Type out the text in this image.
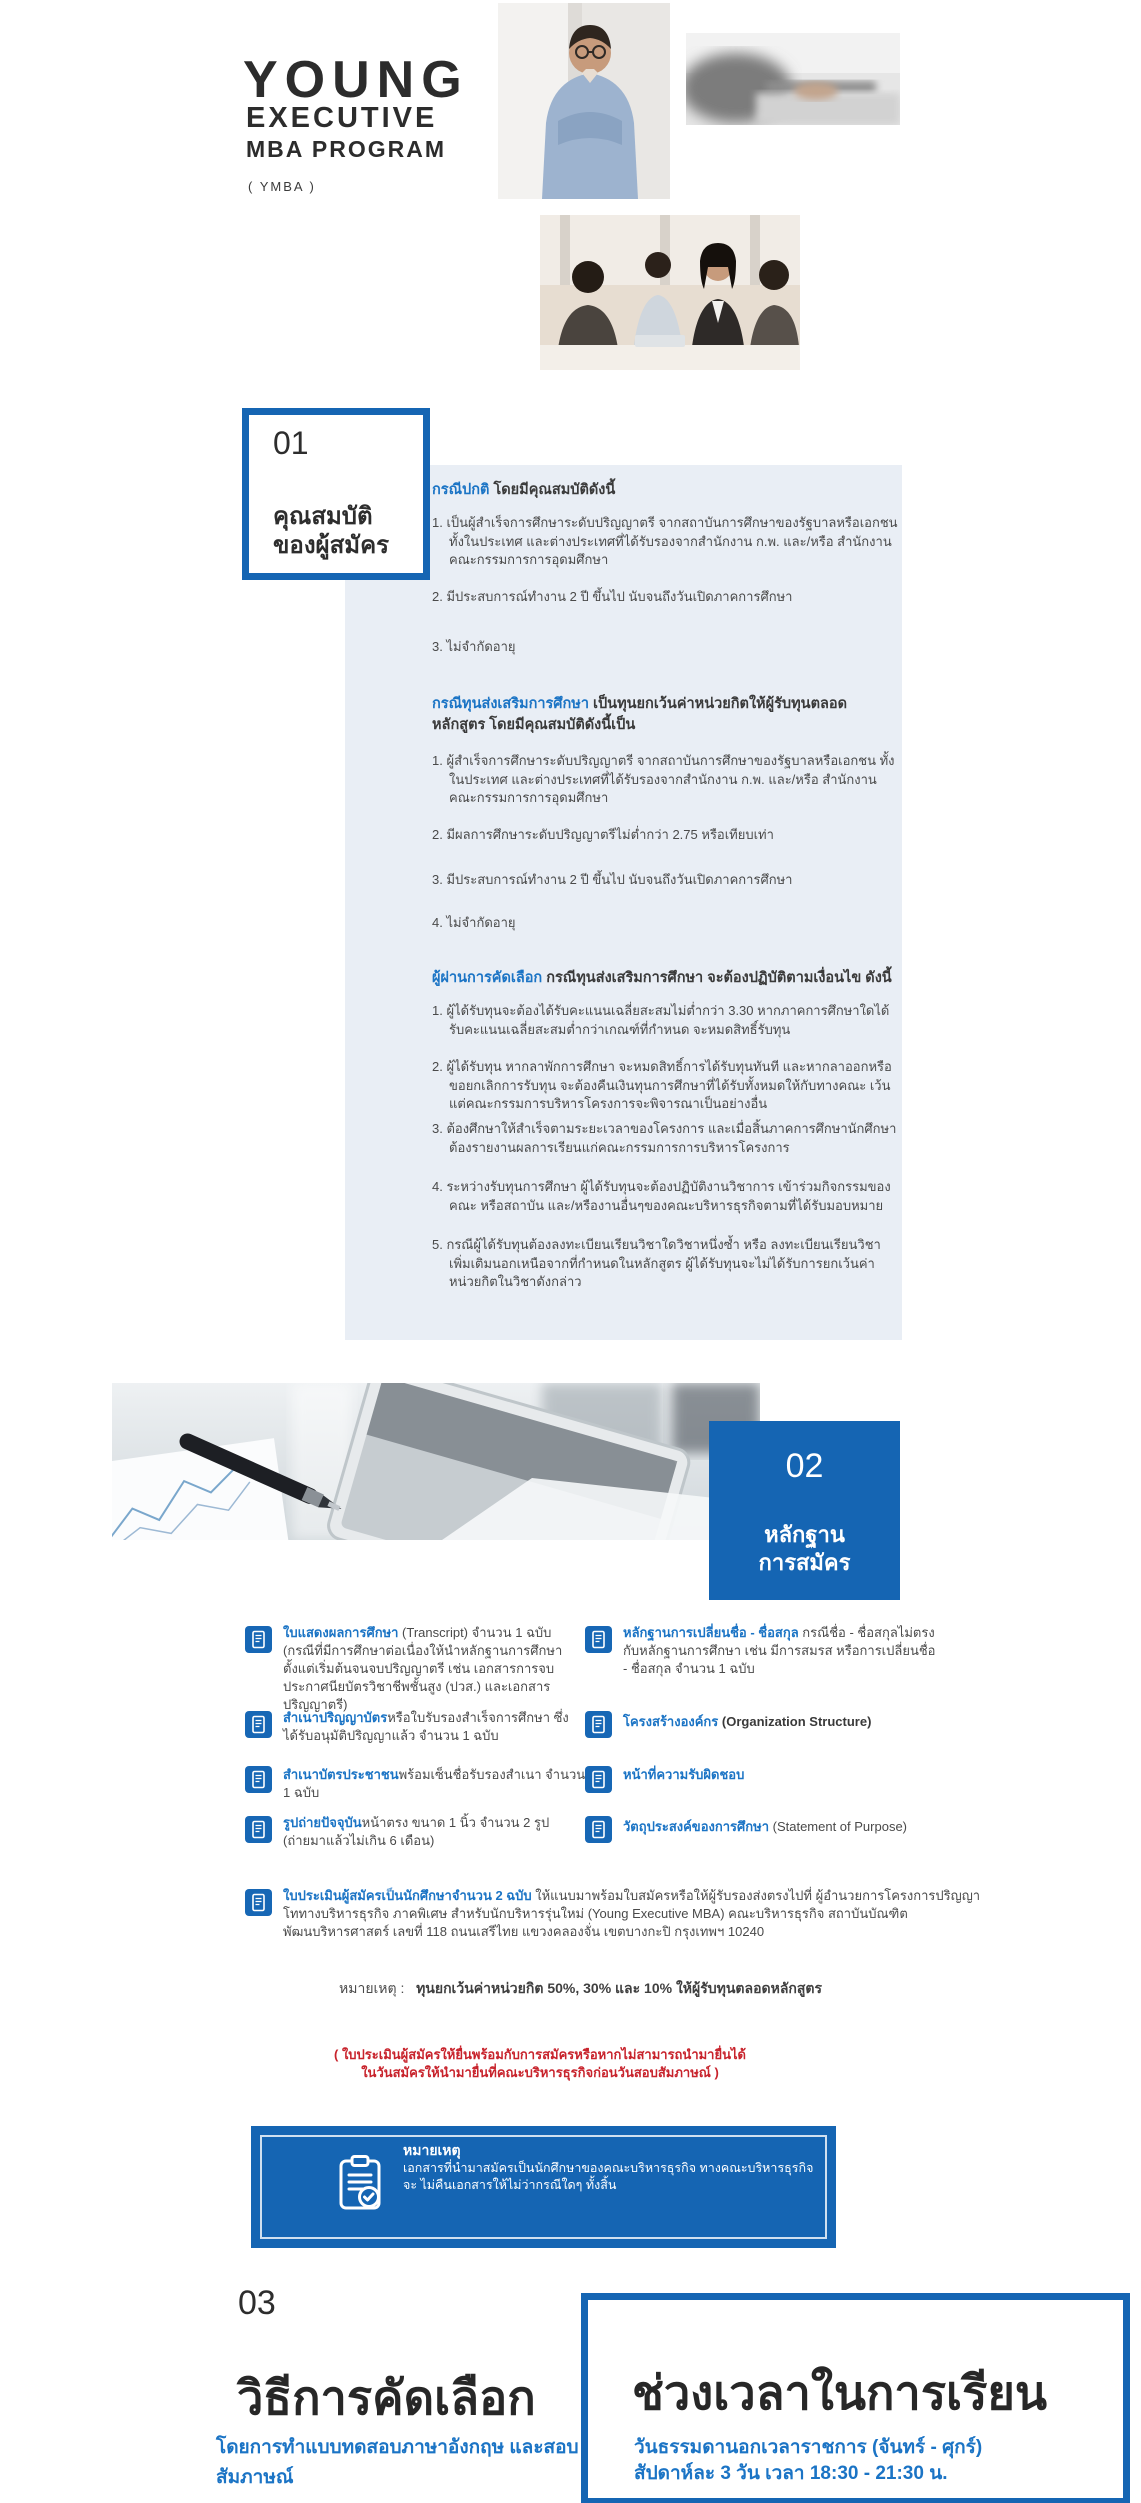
YOUNG
EXECUTIVE
MBA PROGRAM
( YMBA )
01
คุณสมบัติ
ของผู้สมัคร
กรณีปกติ โดยมีคุณสมบัติดังนี้

1. เป็นผู้สำเร็จการศึกษาระดับปริญญาตรี จากสถาบันการศึกษาของรัฐบาลหรือเอกชน ทั้งในประเทศ และต่างประเทศที่ได้รับรองจากสำนักงาน ก.พ. และ/หรือ สำนักงาน คณะกรรมการการอุดมศึกษา

2. มีประสบการณ์ทำงาน 2 ปี ขึ้นไป นับจนถึงวันเปิดภาคการศึกษา

3. ไม่จำกัดอายุ

กรณีทุนส่งเสริมการศึกษา เป็นทุนยกเว้นค่าหน่วยกิตให้ผู้รับทุนตลอดหลักสูตร โดยมีคุณสมบัติดังนี้เป็น

1. ผู้สำเร็จการศึกษาระดับปริญญาตรี จากสถาบันการศึกษาของรัฐบาลหรือเอกชน ทั้งในประเทศ และต่างประเทศที่ได้รับรองจากสำนักงาน ก.พ. และ/หรือ สำนักงาน คณะกรรมการการอุดมศึกษา

2. มีผลการศึกษาระดับปริญญาตรีไม่ต่ำกว่า 2.75 หรือเทียบเท่า

3. มีประสบการณ์ทำงาน 2 ปี ขึ้นไป นับจนถึงวันเปิดภาคการศึกษา

4. ไม่จำกัดอายุ

ผู้ผ่านการคัดเลือก กรณีทุนส่งเสริมการศึกษา จะต้องปฏิบัติตามเงื่อนไข ดังนี้

1. ผู้ได้รับทุนจะต้องได้รับคะแนนเฉลี่ยสะสมไม่ต่ำกว่า 3.30 หากภาคการศึกษาใดได้รับคะแนนเฉลี่ยสะสมต่ำกว่าเกณฑ์ที่กำหนด จะหมดสิทธิ์รับทุน

2. ผู้ได้รับทุน หากลาพักการศึกษา จะหมดสิทธิ์การได้รับทุนทันที และหากลาออกหรือขอยกเลิกการรับทุน จะต้องคืนเงินทุนการศึกษาที่ได้รับทั้งหมดให้กับทางคณะ เว้นแต่คณะกรรมการบริหารโครงการจะพิจารณาเป็นอย่างอื่น

3. ต้องศึกษาให้สำเร็จตามระยะเวลาของโครงการ และเมื่อสิ้นภาคการศึกษานักศึกษาต้องรายงานผลการเรียนแก่คณะกรรมการการบริหารโครงการ

4. ระหว่างรับทุนการศึกษา ผู้ได้รับทุนจะต้องปฏิบัติงานวิชาการ เข้าร่วมกิจกรรมของคณะ หรือสถาบัน และ/หรืองานอื่นๆของคณะบริหารธุรกิจตามที่ได้รับมอบหมาย

5. กรณีผู้ได้รับทุนต้องลงทะเบียนเรียนวิชาใดวิชาหนึ่งซ้ำ หรือ ลงทะเบียนเรียนวิชาเพิ่มเติมนอกเหนือจากที่กำหนดในหลักสูตร ผู้ได้รับทุนจะไม่ได้รับการยกเว้นค่าหน่วยกิตในวิชาดังกล่าว

02
หลักฐาน
การสมัคร

ใบแสดงผลการศึกษา (Transcript) จำนวน 1 ฉบับ (กรณีที่มีการศึกษาต่อเนื่องให้นำหลักฐานการศึกษาตั้งแต่เริ่มต้นจนจบปริญญาตรี เช่น เอกสารการจบประกาศนียบัตรวิชาชีพชั้นสูง (ปวส.) และเอกสารปริญญาตรี)

สำเนาปริญญาบัตรหรือใบรับรองสำเร็จการศึกษา ซึ่งได้รับอนุมัติปริญญาแล้ว จำนวน 1 ฉบับ

สำเนาบัตรประชาชนพร้อมเซ็นชื่อรับรองสำเนา จำนวน 1 ฉบับ

รูปถ่ายปัจจุบันหน้าตรง ขนาด 1 นิ้ว จำนวน 2 รูป (ถ่ายมาแล้วไม่เกิน 6 เดือน)

หลักฐานการเปลี่ยนชื่อ - ชื่อสกุล กรณีชื่อ - ชื่อสกุลไม่ตรงกับหลักฐานการศึกษา เช่น มีการสมรส หรือการเปลี่ยนชื่อ - ชื่อสกุล จำนวน 1 ฉบับ

โครงสร้างองค์กร (Organization Structure)

หน้าที่ความรับผิดชอบ

วัตถุประสงค์ของการศึกษา (Statement of Purpose)

ใบประเมินผู้สมัครเป็นนักศึกษาจำนวน 2 ฉบับ ให้แนบมาพร้อมใบสมัครหรือให้ผู้รับรองส่งตรงไปที่ ผู้อำนวยการโครงการปริญญาโททางบริหารธุรกิจ ภาคพิเศษ สำหรับนักบริหารรุ่นใหม่ (Young Executive MBA) คณะบริหารธุรกิจ สถาบันบัณฑิตพัฒนบริหารศาสตร์ เลขที่ 118 ถนนเสรีไทย แขวงคลองจั่น เขตบางกะปิ กรุงเทพฯ 10240

หมายเหตุ : ทุนยกเว้นค่าหน่วยกิต 50%, 30% และ 10% ให้ผู้รับทุนตลอดหลักสูตร
( ใบประเมินผู้สมัครให้ยื่นพร้อมกับการสมัครหรือหากไม่สามารถนำมายื่นได้
ในวันสมัครให้นำมายื่นที่คณะบริหารธุรกิจก่อนวันสอบสัมภาษณ์ )
หมายเหตุ
เอกสารที่นำมาสมัครเป็นนักศึกษาของคณะบริหารธุรกิจ ทางคณะบริหารธุรกิจจะ ไม่คืนเอกสารให้ไม่ว่ากรณีใดๆ ทั้งสิ้น
03
วิธีการคัดเลือก
โดยการทำแบบทดสอบภาษาอังกฤษ และสอบสัมภาษณ์
ช่วงเวลาในการเรียน
วันธรรมดานอกเวลาราชการ (จันทร์ - ศุกร์)
สัปดาห์ละ 3 วัน เวลา 18:30 - 21:30 น.
